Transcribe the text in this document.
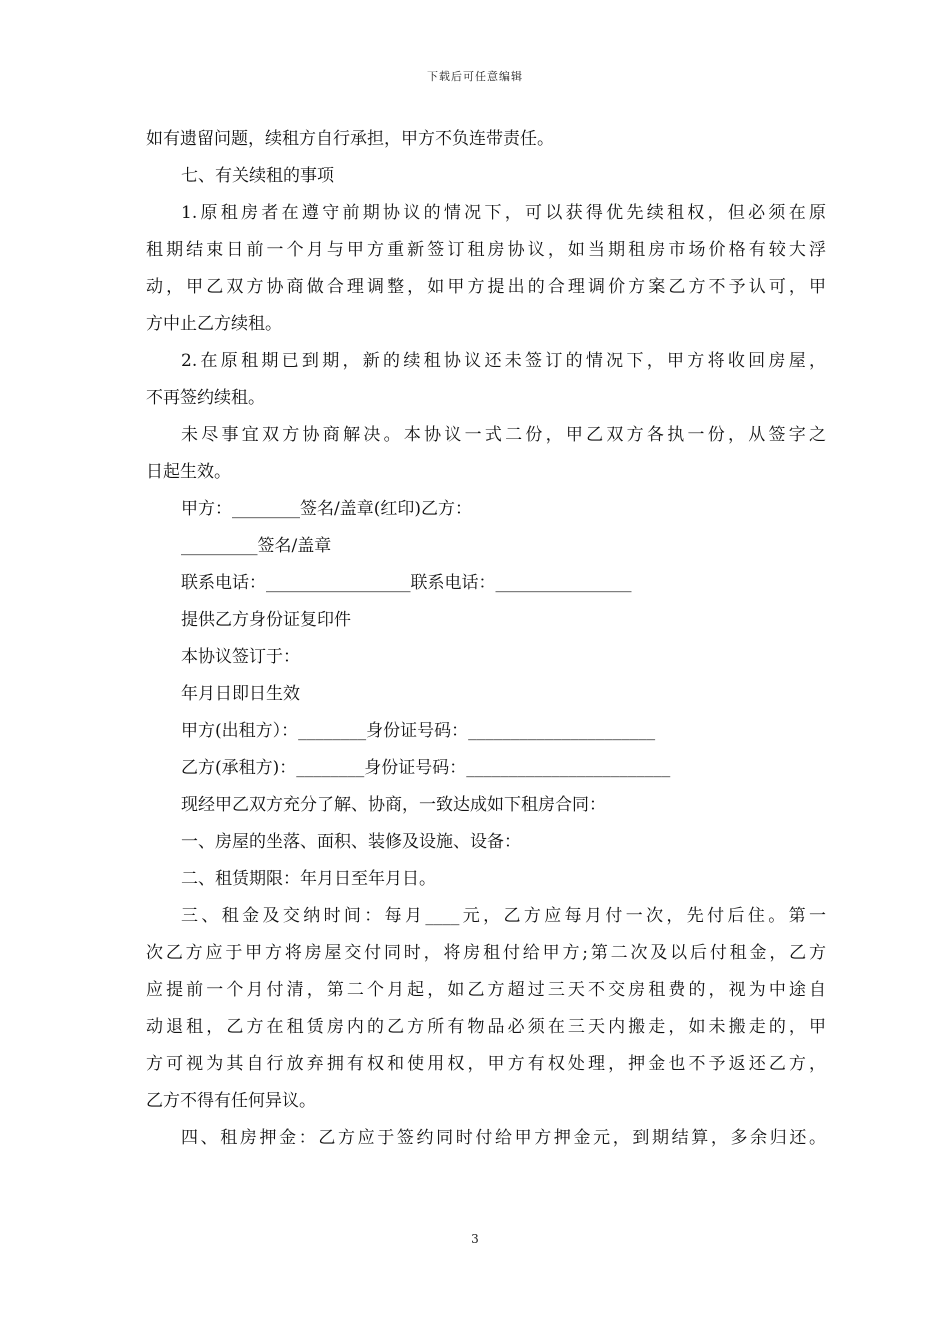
下载后可任意编辑
如有遗留问题，续租方自行承担，甲方不负连带责任。
七、有关续租的事项
1.原租房者在遵守前期协议的情况下，可以获得优先续租权，但必须在原
租期结束日前一个月与甲方重新签订租房协议，如当期租房市场价格有较大浮
动，甲乙双方协商做合理调整，如甲方提出的合理调价方案乙方不予认可，甲
方中止乙方续租。
2.在原租期已到期，新的续租协议还未签订的情况下，甲方将收回房屋，
不再签约续租。
未尽事宜双方协商解决。本协议一式二份，甲乙双方各执一份，从签字之
日起生效。
甲方：________签名/盖章(红印)乙方：
_________签名/盖章
联系电话：_________________联系电话：________________
提供乙方身份证复印件
本协议签订于：
年月日即日生效
甲方(出租方）：________身份证号码：______________________
乙方(承租方)：________身份证号码：________________________
现经甲乙双方充分了解、协商，一致达成如下租房合同：
一、房屋的坐落、面积、装修及设施、设备：
二、租赁期限：年月日至年月日。
三、租金及交纳时间：每月____元，乙方应每月付一次，先付后住。第一
次乙方应于甲方将房屋交付同时，将房租付给甲方;第二次及以后付租金，乙方
应提前一个月付清，第二个月起，如乙方超过三天不交房租费的，视为中途自
动退租，乙方在租赁房内的乙方所有物品必须在三天内搬走，如未搬走的，甲
方可视为其自行放弃拥有权和使用权，甲方有权处理，押金也不予返还乙方，
乙方不得有任何异议。
四、租房押金：乙方应于签约同时付给甲方押金元，到期结算，多余归还。
3
